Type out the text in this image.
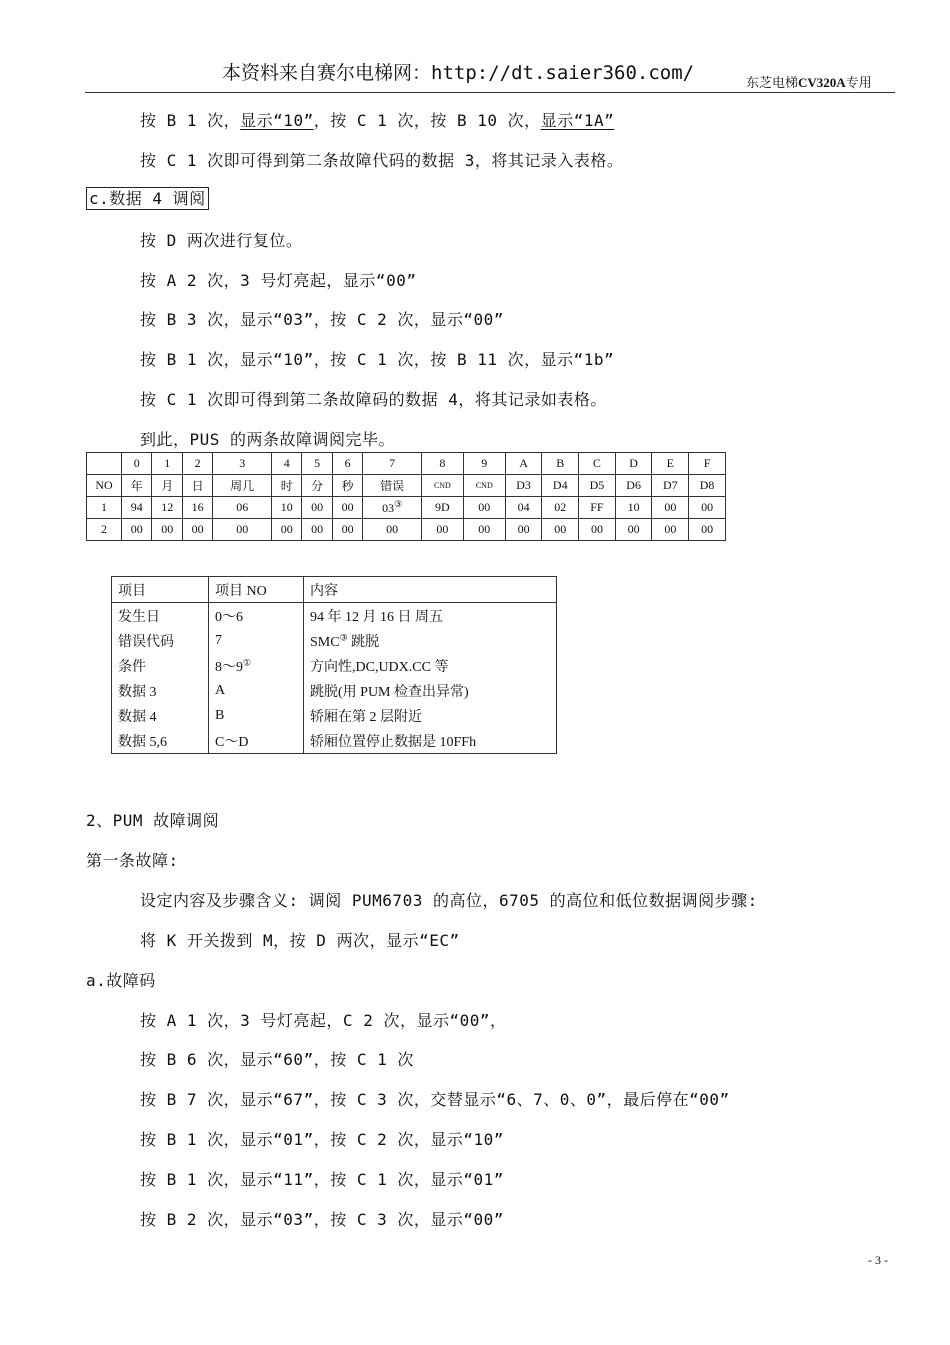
本资料来自赛尔电梯网：http://dt.saier360.com/	东芝电梯CV320A专用
按 B 1 次，显示“10”，按 C 1 次，按 B 10 次，显示“1A”
按 C 1 次即可得到第二条故障代码的数据 3，将其记录入表格。
c.数据 4 调阅
按 D 两次进行复位。
按 A 2 次，3 号灯亮起，显示“00”
按 B 3 次，显示“03”，按 C 2 次，显示“00”
按 B 1 次，显示“10”，按 C 1 次，按 B 11 次，显示“1b”
按 C 1 次即可得到第二条故障码的数据 4，将其记录如表格。
到此，PUS 的两条故障调阅完毕。
	0	1	2	3	4	5	6	7	8	9	A	B	C	D	E	F
NO	年	月	日	周几	时	分	秒	错误	CND	CND	D3	D4	D5	D6	D7	D8
1	94	12	16	06	10	00	00	03③	9D	00	04	02	FF	10	00	00
2	00	00	00	00	00	00	00	00	00	00	00	00	00	00	00	00
项目	项目 NO	内容
发生日	0～6	94 年 12 月 16 日 周五
错误代码	7	SMC③ 跳脱
条件	8～9①	方向性,DC,UDX.CC 等
数据 3	A	跳脱(用 PUM 检查出异常)
数据 4	B	轿厢在第 2 层附近
数据 5,6	C～D	轿厢位置停止数据是 10FFh
2、PUM 故障调阅
第一条故障:
设定内容及步骤含义: 调阅 PUM6703 的高位，6705 的高位和低位数据调阅步骤:
将 K 开关拨到 M，按 D 两次，显示“EC”
a.故障码
按 A 1 次，3 号灯亮起，C 2 次，显示“00”，
按 B 6 次，显示“60”，按 C 1 次
按 B 7 次，显示“67”，按 C 3 次，交替显示“6、7、0、0”，最后停在“00”
按 B 1 次，显示“01”，按 C 2 次，显示“10”
按 B 1 次，显示“11”，按 C 1 次，显示“01”
按 B 2 次，显示“03”，按 C 3 次，显示“00”
- 3 -
